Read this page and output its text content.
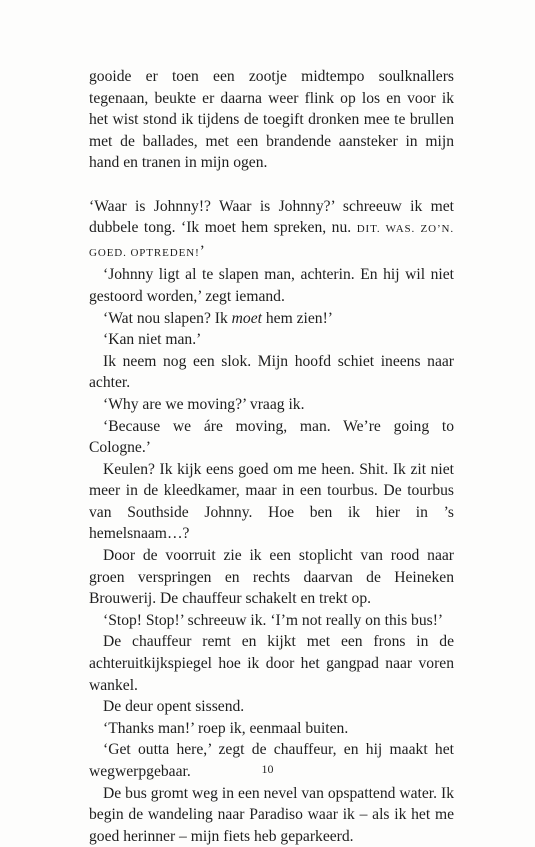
gooide er toen een zootje midtempo soulknallers tegenaan, beukte er daarna weer flink op los en voor ik het wist stond ik tijdens de toegift dronken mee te brullen met de ballades, met een brandende aansteker in mijn hand en tranen in mijn ogen.

‘Waar is Johnny!? Waar is Johnny?’ schreeuw ik met dubbele tong. ‘Ik moet hem spreken, nu. DIT. WAS. ZO’N. GOED. OPTREDEN!’

‘Johnny ligt al te slapen man, achterin. En hij wil niet gestoord worden,’ zegt iemand.

‘Wat nou slapen? Ik moet hem zien!’

‘Kan niet man.’

Ik neem nog een slok. Mijn hoofd schiet ineens naar achter.

‘Why are we moving?’ vraag ik.

‘Because we áre moving, man. We’re going to Cologne.’

Keulen? Ik kijk eens goed om me heen. Shit. Ik zit niet meer in de kleedkamer, maar in een tourbus. De tourbus van Southside Johnny. Hoe ben ik hier in ’s hemelsnaam…?

Door de voorruit zie ik een stoplicht van rood naar groen verspringen en rechts daarvan de Heineken Brouwerij. De chauffeur schakelt en trekt op.

‘Stop! Stop!’ schreeuw ik. ‘I’m not really on this bus!’

De chauffeur remt en kijkt met een frons in de achteruitkijkspiegel hoe ik door het gangpad naar voren wankel.

De deur opent sissend.

‘Thanks man!’ roep ik, eenmaal buiten.

‘Get outta here,’ zegt de chauffeur, en hij maakt het wegwerpgebaar.

De bus gromt weg in een nevel van opspattend water. Ik begin de wandeling naar Paradiso waar ik – als ik het me goed herinner – mijn fiets heb geparkeerd.

10
